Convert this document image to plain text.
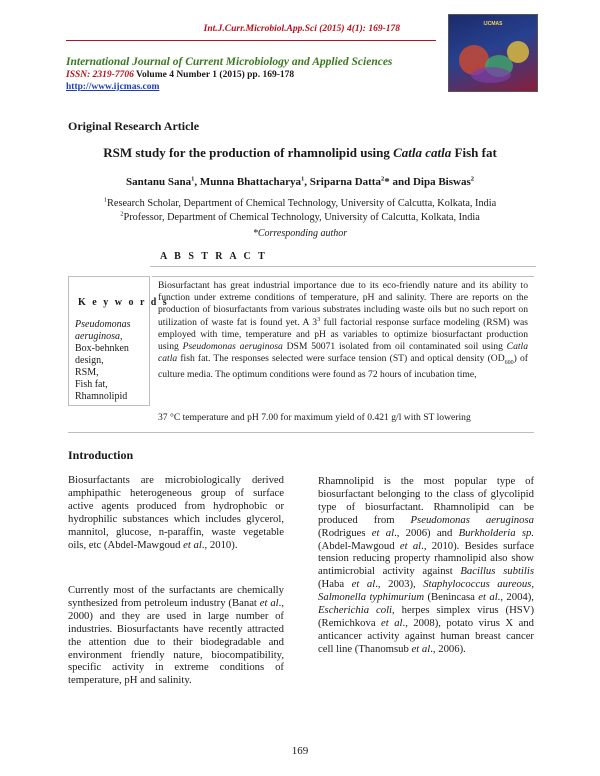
Int.J.Curr.Microbiol.App.Sci (2015) 4(1): 169-178	IJCMAS
International Journal of Current Microbiology and Applied Sciences
ISSN: 2319-7706 Volume 4 Number 1 (2015) pp. 169-178
http://www.ijcmas.com
Original Research Article
RSM study for the production of rhamnolipid using Catla catla Fish fat
Santanu Sana$^1$, Munna Bhattacharya$^1$, Sriparna Datta$^2$* and Dipa Biswas$^2$
$^1$Research Scholar, Department of Chemical Technology, University of Calcutta, Kolkata, India
$^2$Professor, Department of Chemical Technology, University of Calcutta, Kolkata, India
*Corresponding author
A B S T R A C T
K e y w o r d s
Pseudomonas
aeruginosa,
Box-behnken
design,
RSM,
Fish fat,
Rhamnolipid
Biosurfactant has great industrial importance due to its eco-friendly nature and its ability to function under extreme conditions of temperature, pH and salinity. There are reports on the production of biosurfactants from various substrates including waste oils but no such report on utilization of waste fat is found yet. A $3^3$ full factorial response surface modeling (RSM) was employed with time, temperature and pH as variables to optimize biosurfactant production using Pseudomonas aeruginosa DSM 50071 isolated from oil contaminated soil using Catla catla fish fat. The responses selected were surface tension (ST) and optical density $(OD_{600})$ of culture media. The optimum conditions were found as 72 hours of incubation time,
37 °C temperature and pH 7.00 for maximum yield of 0.421 g/l with ST lowering
Introduction
Biosurfactants are microbiologically derived amphipathic heterogeneous group of surface active agents produced from hydrophobic or hydrophilic substances which includes glycerol, mannitol, glucose, n-paraffin, waste vegetable oils, etc (Abdel-Mawgoud et al., 2010).
Currently most of the surfactants are chemically synthesized from petroleum industry (Banat et al., 2000) and they are used in large number of industries. Biosurfactants have recently attracted the attention due to their biodegradable and environment friendly nature, biocompatibility, specific activity in extreme conditions of temperature, pH and salinity.
Rhamnolipid is the most popular type of biosurfactant belonging to the class of glycolipid type of biosurfactant. Rhamnolipid can be produced from Pseudomonas aeruginosa (Rodrigues et al., 2006) and Burkholderia sp. (Abdel-Mawgoud et al., 2010). Besides surface tension reducing property rhamnolipid also show antimicrobial activity against Bacillus subtilis (Haba et al., 2003), Staphylococcus aureous, Salmonella typhimurium (Benincasa et al., 2004), Escherichia coli, herpes simplex virus (HSV) (Remichkova et al., 2008), potato virus X and anticancer activity against human breast cancer cell line (Thanomsub et al., 2006).
169
